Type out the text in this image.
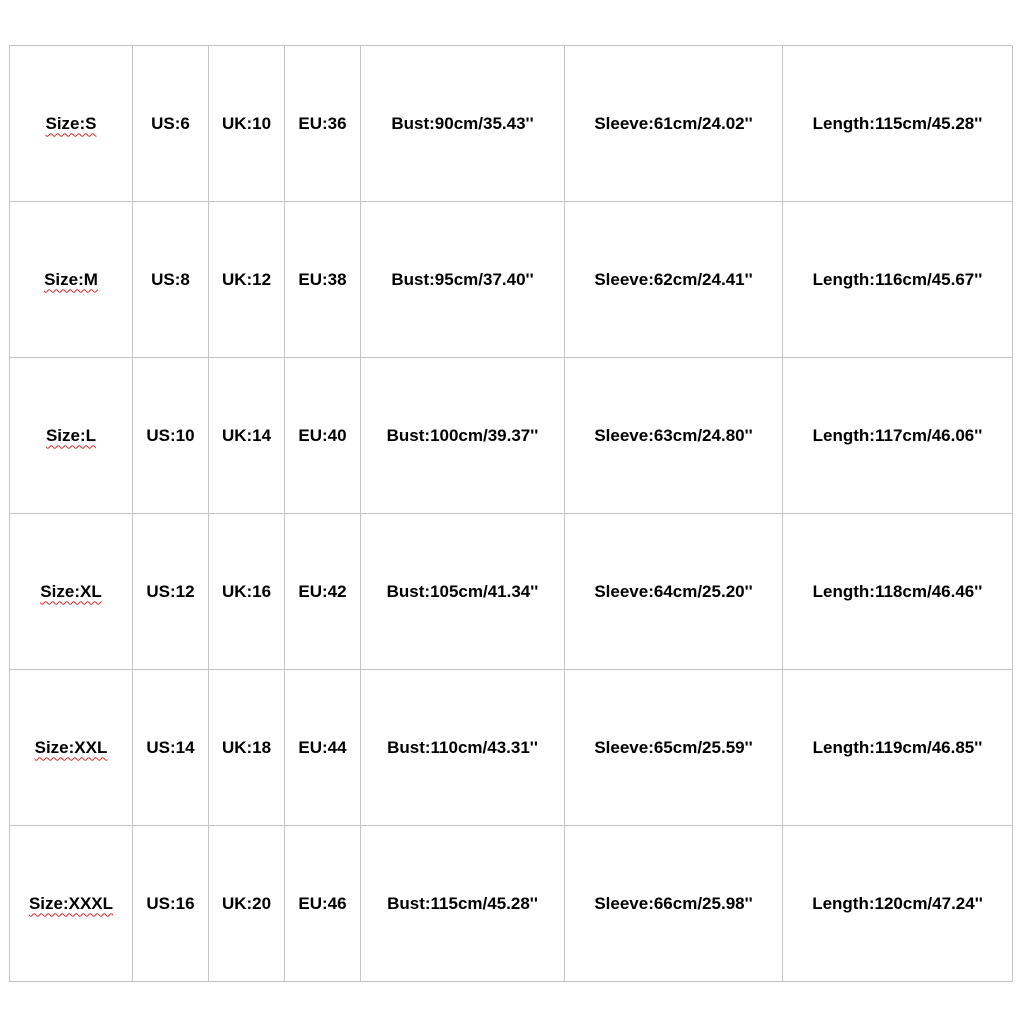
Size:S	US:6	UK:10	EU:36	Bust:90cm/35.43''	Sleeve:61cm/24.02''	Length:115cm/45.28''
Size:M	US:8	UK:12	EU:38	Bust:95cm/37.40''	Sleeve:62cm/24.41''	Length:116cm/45.67''
Size:L	US:10	UK:14	EU:40	Bust:100cm/39.37''	Sleeve:63cm/24.80''	Length:117cm/46.06''
Size:XL	US:12	UK:16	EU:42	Bust:105cm/41.34''	Sleeve:64cm/25.20''	Length:118cm/46.46''
Size:XXL	US:14	UK:18	EU:44	Bust:110cm/43.31''	Sleeve:65cm/25.59''	Length:119cm/46.85''
Size:XXXL	US:16	UK:20	EU:46	Bust:115cm/45.28''	Sleeve:66cm/25.98''	Length:120cm/47.24''
